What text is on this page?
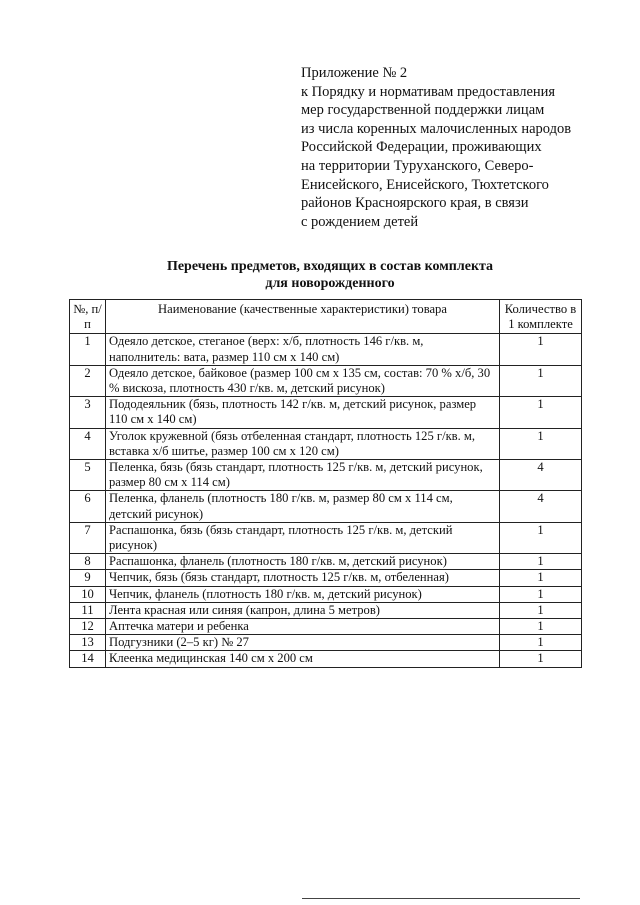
Приложение № 2
к Порядку и нормативам предоставления
мер государственной поддержки лицам
из числа коренных малочисленных народов
Российской Федерации, проживающих
на территории Туруханского, Северо-
Енисейского, Енисейского, Тюхтетского
районов Красноярского края, в связи
с рождением детей
Перечень предметов, входящих в состав комплекта
для новорожденного
№, п/п	Наименование (качественные характеристики) товара	Количество в 1 комплекте
1	Одеяло детское, стеганое (верх: х/б, плотность 146 г/кв. м, наполнитель: вата, размер 110 см х 140 см)	1
2	Одеяло детское, байковое (размер 100 см х 135 см, состав: 70 % х/б, 30 % вискоза, плотность 430 г/кв. м, детский рисунок)	1
3	Пододеяльник (бязь, плотность 142 г/кв. м, детский рисунок, размер 110 см х 140 см)	1
4	Уголок кружевной (бязь отбеленная стандарт, плотность 125 г/кв. м, вставка х/б шитье, размер 100 см х 120 см)	1
5	Пеленка, бязь (бязь стандарт, плотность 125 г/кв. м, детский рисунок, размер 80 см х 114 см)	4
6	Пеленка, фланель (плотность 180 г/кв. м, размер 80 см х 114 см, детский рисунок)	4
7	Распашонка, бязь (бязь стандарт, плотность 125 г/кв. м, детский рисунок)	1
8	Распашонка, фланель (плотность 180 г/кв. м, детский рисунок)	1
9	Чепчик, бязь (бязь стандарт, плотность 125 г/кв. м, отбеленная)	1
10	Чепчик, фланель (плотность 180 г/кв. м, детский рисунок)	1
11	Лента красная или синяя (капрон, длина 5 метров)	1
12	Аптечка матери и ребенка	1
13	Подгузники (2–5 кг) № 27	1
14	Клеенка медицинская 140 см х 200 см	1
